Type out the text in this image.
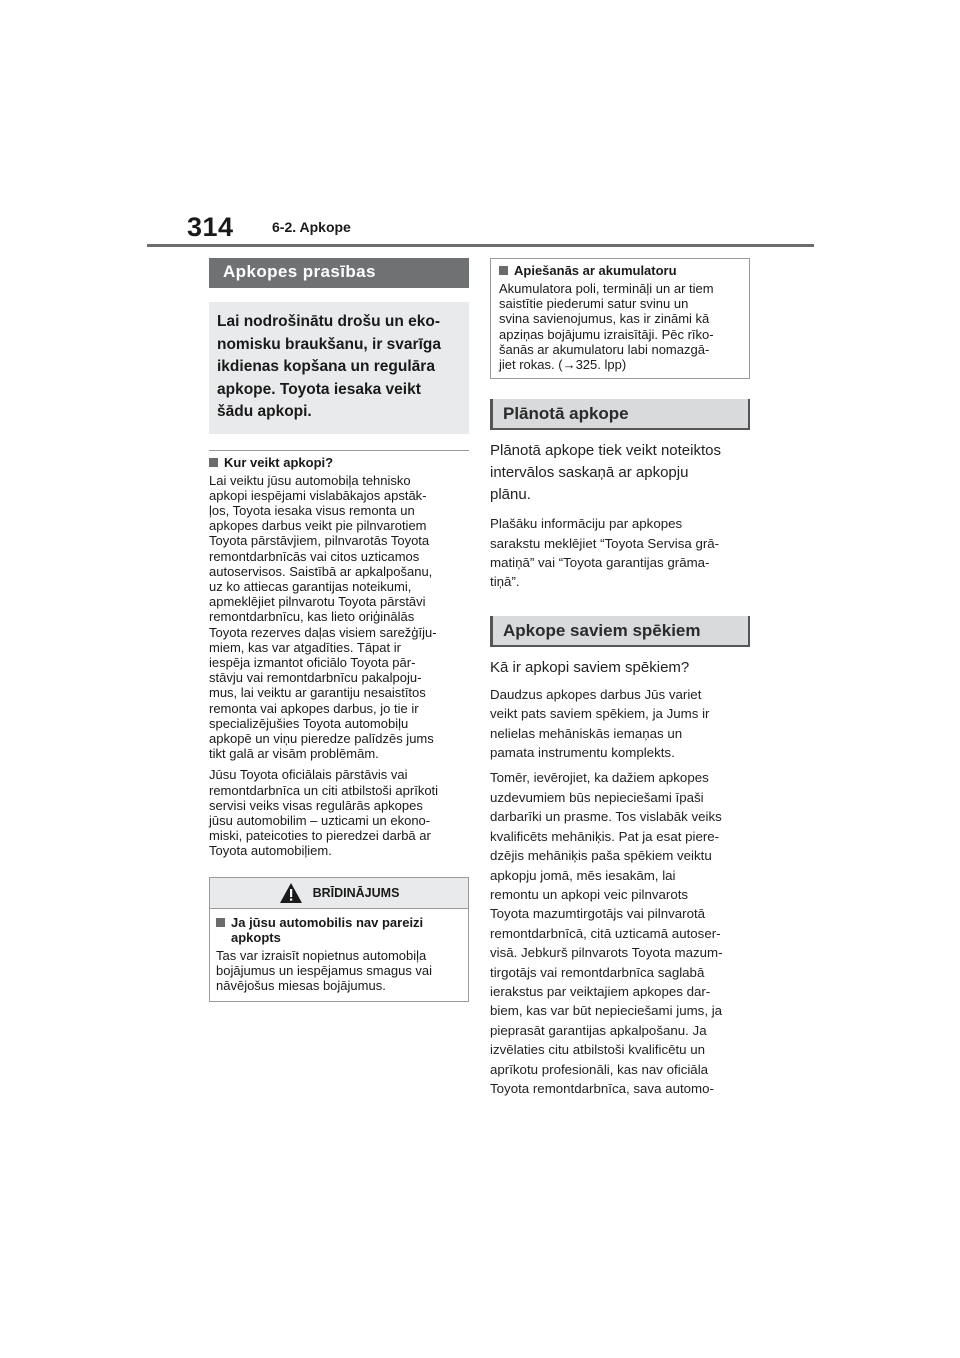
314	6-2. Apkope
Apkopes prasības
Lai nodrošinātu drošu un eko-
nomisku braukšanu, ir svarīga
ikdienas kopšana un regulāra
apkope. Toyota iesaka veikt
šādu apkopi.
Kur veikt apkopi?
Lai veiktu jūsu automobiļa tehnisko
apkopi iespējami vislabākajos apstāk-
ļos, Toyota iesaka visus remonta un
apkopes darbus veikt pie pilnvarotiem
Toyota pārstāvjiem, pilnvarotās Toyota
remontdarbnīcās vai citos uzticamos
autoservisos. Saistībā ar apkalpošanu,
uz ko attiecas garantijas noteikumi,
apmeklējiet pilnvarotu Toyota pārstāvi
remontdarbnīcu, kas lieto oriģinālās
Toyota rezerves daļas visiem sarežģīju-
miem, kas var atgadīties. Tāpat ir
iespēja izmantot oficiālo Toyota pār-
stāvju vai remontdarbnīcu pakalpoju-
mus, lai veiktu ar garantiju nesaistītos
remonta vai apkopes darbus, jo tie ir
specializējušies Toyota automobiļu
apkopē un viņu pieredze palīdzēs jums
tikt galā ar visām problēmām.
Jūsu Toyota oficiālais pārstāvis vai
remontdarbnīca un citi atbilstoši aprīkoti
servisi veiks visas regulārās apkopes
jūsu automobilim – uzticami un ekono-
miski, pateicoties to pieredzei darbā ar
Toyota automobiļiem.
BRĪDINĀJUMS
Ja jūsu automobilis nav pareizi
apkopts
Tas var izraisīt nopietnus automobiļa
bojājumus un iespējamus smagus vai
nāvējošus miesas bojājumus.
Apiešanās ar akumulatoru
Akumulatora poli, termināļi un ar tiem
saistītie piederumi satur svinu un
svina savienojumus, kas ir zināmi kā
apziņas bojājumu izraisītāji. Pēc rīko-
šanās ar akumulatoru labi nomazgā-
jiet rokas. (→325. lpp)
Plānotā apkope
Plānotā apkope tiek veikt noteiktos
intervālos saskaņā ar apkopju
plānu.
Plašāku informāciju par apkopes
sarakstu meklējiet “Toyota Servisa grā-
matiņā” vai “Toyota garantijas grāma-
tiņā”.
Apkope saviem spēkiem
Kā ir apkopi saviem spēkiem?
Daudzus apkopes darbus Jūs variet
veikt pats saviem spēkiem, ja Jums ir
nelielas mehāniskās iemaņas un
pamata instrumentu komplekts.
Tomēr, ievērojiet, ka dažiem apkopes
uzdevumiem būs nepieciešami īpaši
darbarīki un prasme. Tos vislabāk veiks
kvalificēts mehāniķis. Pat ja esat piere-
dzējis mehāniķis paša spēkiem veiktu
apkopju jomā, mēs iesakām, lai
remontu un apkopi veic pilnvarots
Toyota mazumtirgotājs vai pilnvarotā
remontdarbnīcā, citā uzticamā autoser-
visā. Jebkurš pilnvarots Toyota mazum-
tirgotājs vai remontdarbnīca saglabā
ierakstus par veiktajiem apkopes dar-
biem, kas var būt nepieciešami jums, ja
pieprasāt garantijas apkalpošanu. Ja
izvēlaties citu atbilstoši kvalificētu un
aprīkotu profesionāli, kas nav oficiāla
Toyota remontdarbnīca, sava automo-
